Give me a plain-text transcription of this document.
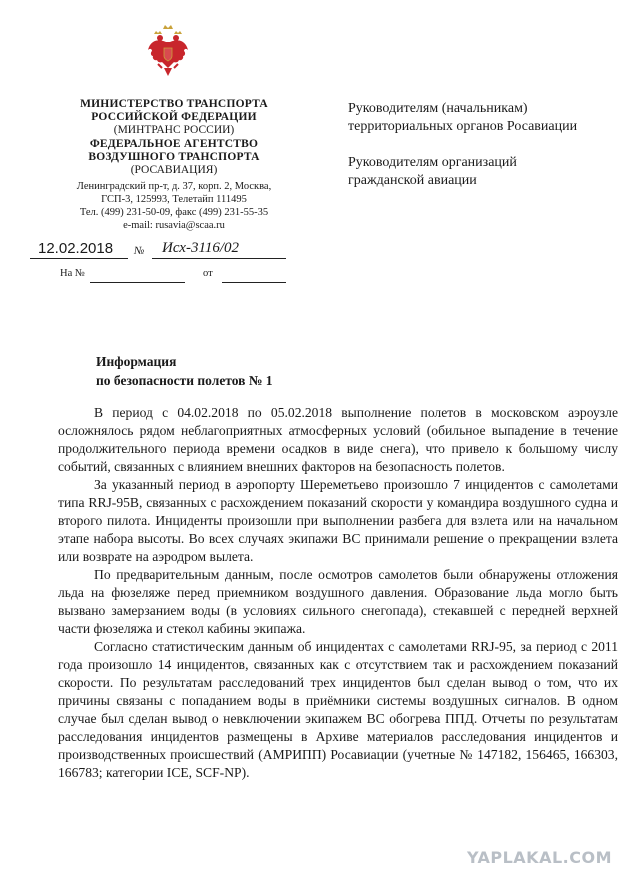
МИНИСТЕРСТВО ТРАНСПОРТА
РОССИЙСКОЙ ФЕДЕРАЦИИ
(МИНТРАНС РОССИИ)
ФЕДЕРАЛЬНОЕ АГЕНТСТВО
ВОЗДУШНОГО ТРАНСПОРТА
(РОСАВИАЦИЯ)
Ленинградский пр-т, д. 37, корп. 2, Москва,
ГСП-3, 125993, Телетайп 111495
Тел. (499) 231-50-09, факс (499) 231-55-35
e-mail: rusavia@scaa.ru
Руководителям (начальникам)
территориальных органов Росавиации
Руководителям организаций
гражданской авиации
12.02.2018 № Исх-3116/02
На №	от
Информация
по безопасности полетов № 1

В период с 04.02.2018 по 05.02.2018 выполнение полетов в московском аэроузле осложнялось рядом неблагоприятных атмосферных условий (обильное выпадение в течение продолжительного периода времени осадков в виде снега), что привело к большому числу событий, связанных с влиянием внешних факторов на безопасность полетов.

За указанный период в аэропорту Шереметьево произошло 7 инцидентов с самолетами типа RRJ-95B, связанных с расхождением показаний скорости у командира воздушного судна и второго пилота. Инциденты произошли при выполнении разбега для взлета или на начальном этапе набора высоты. Во всех случаях экипажи ВС принимали решение о прекращении взлета или возврате на аэродром вылета.

По предварительным данным, после осмотров самолетов были обнаружены отложения льда на фюзеляже перед приемником воздушного давления. Образование льда могло быть вызвано замерзанием воды (в условиях сильного снегопада), стекавшей с передней верхней части фюзеляжа и стекол кабины экипажа.

Согласно статистическим данным об инцидентах с самолетами RRJ-95, за период с 2011 года произошло 14 инцидентов, связанных как с отсутствием так и расхождением показаний скорости. По результатам расследований трех инцидентов был сделан вывод о том, что их причины связаны с попаданием воды в приёмники системы воздушных сигналов. В одном случае был сделан вывод о невключении экипажем ВС обогрева ППД. Отчеты по результатам расследования инцидентов размещены в Архиве материалов расследования инцидентов и производственных происшествий (АМРИПП) Росавиации (учетные № 147182, 156465, 166303, 166783; категории ICE, SCF-NP).

YAPLAKAL.COM
